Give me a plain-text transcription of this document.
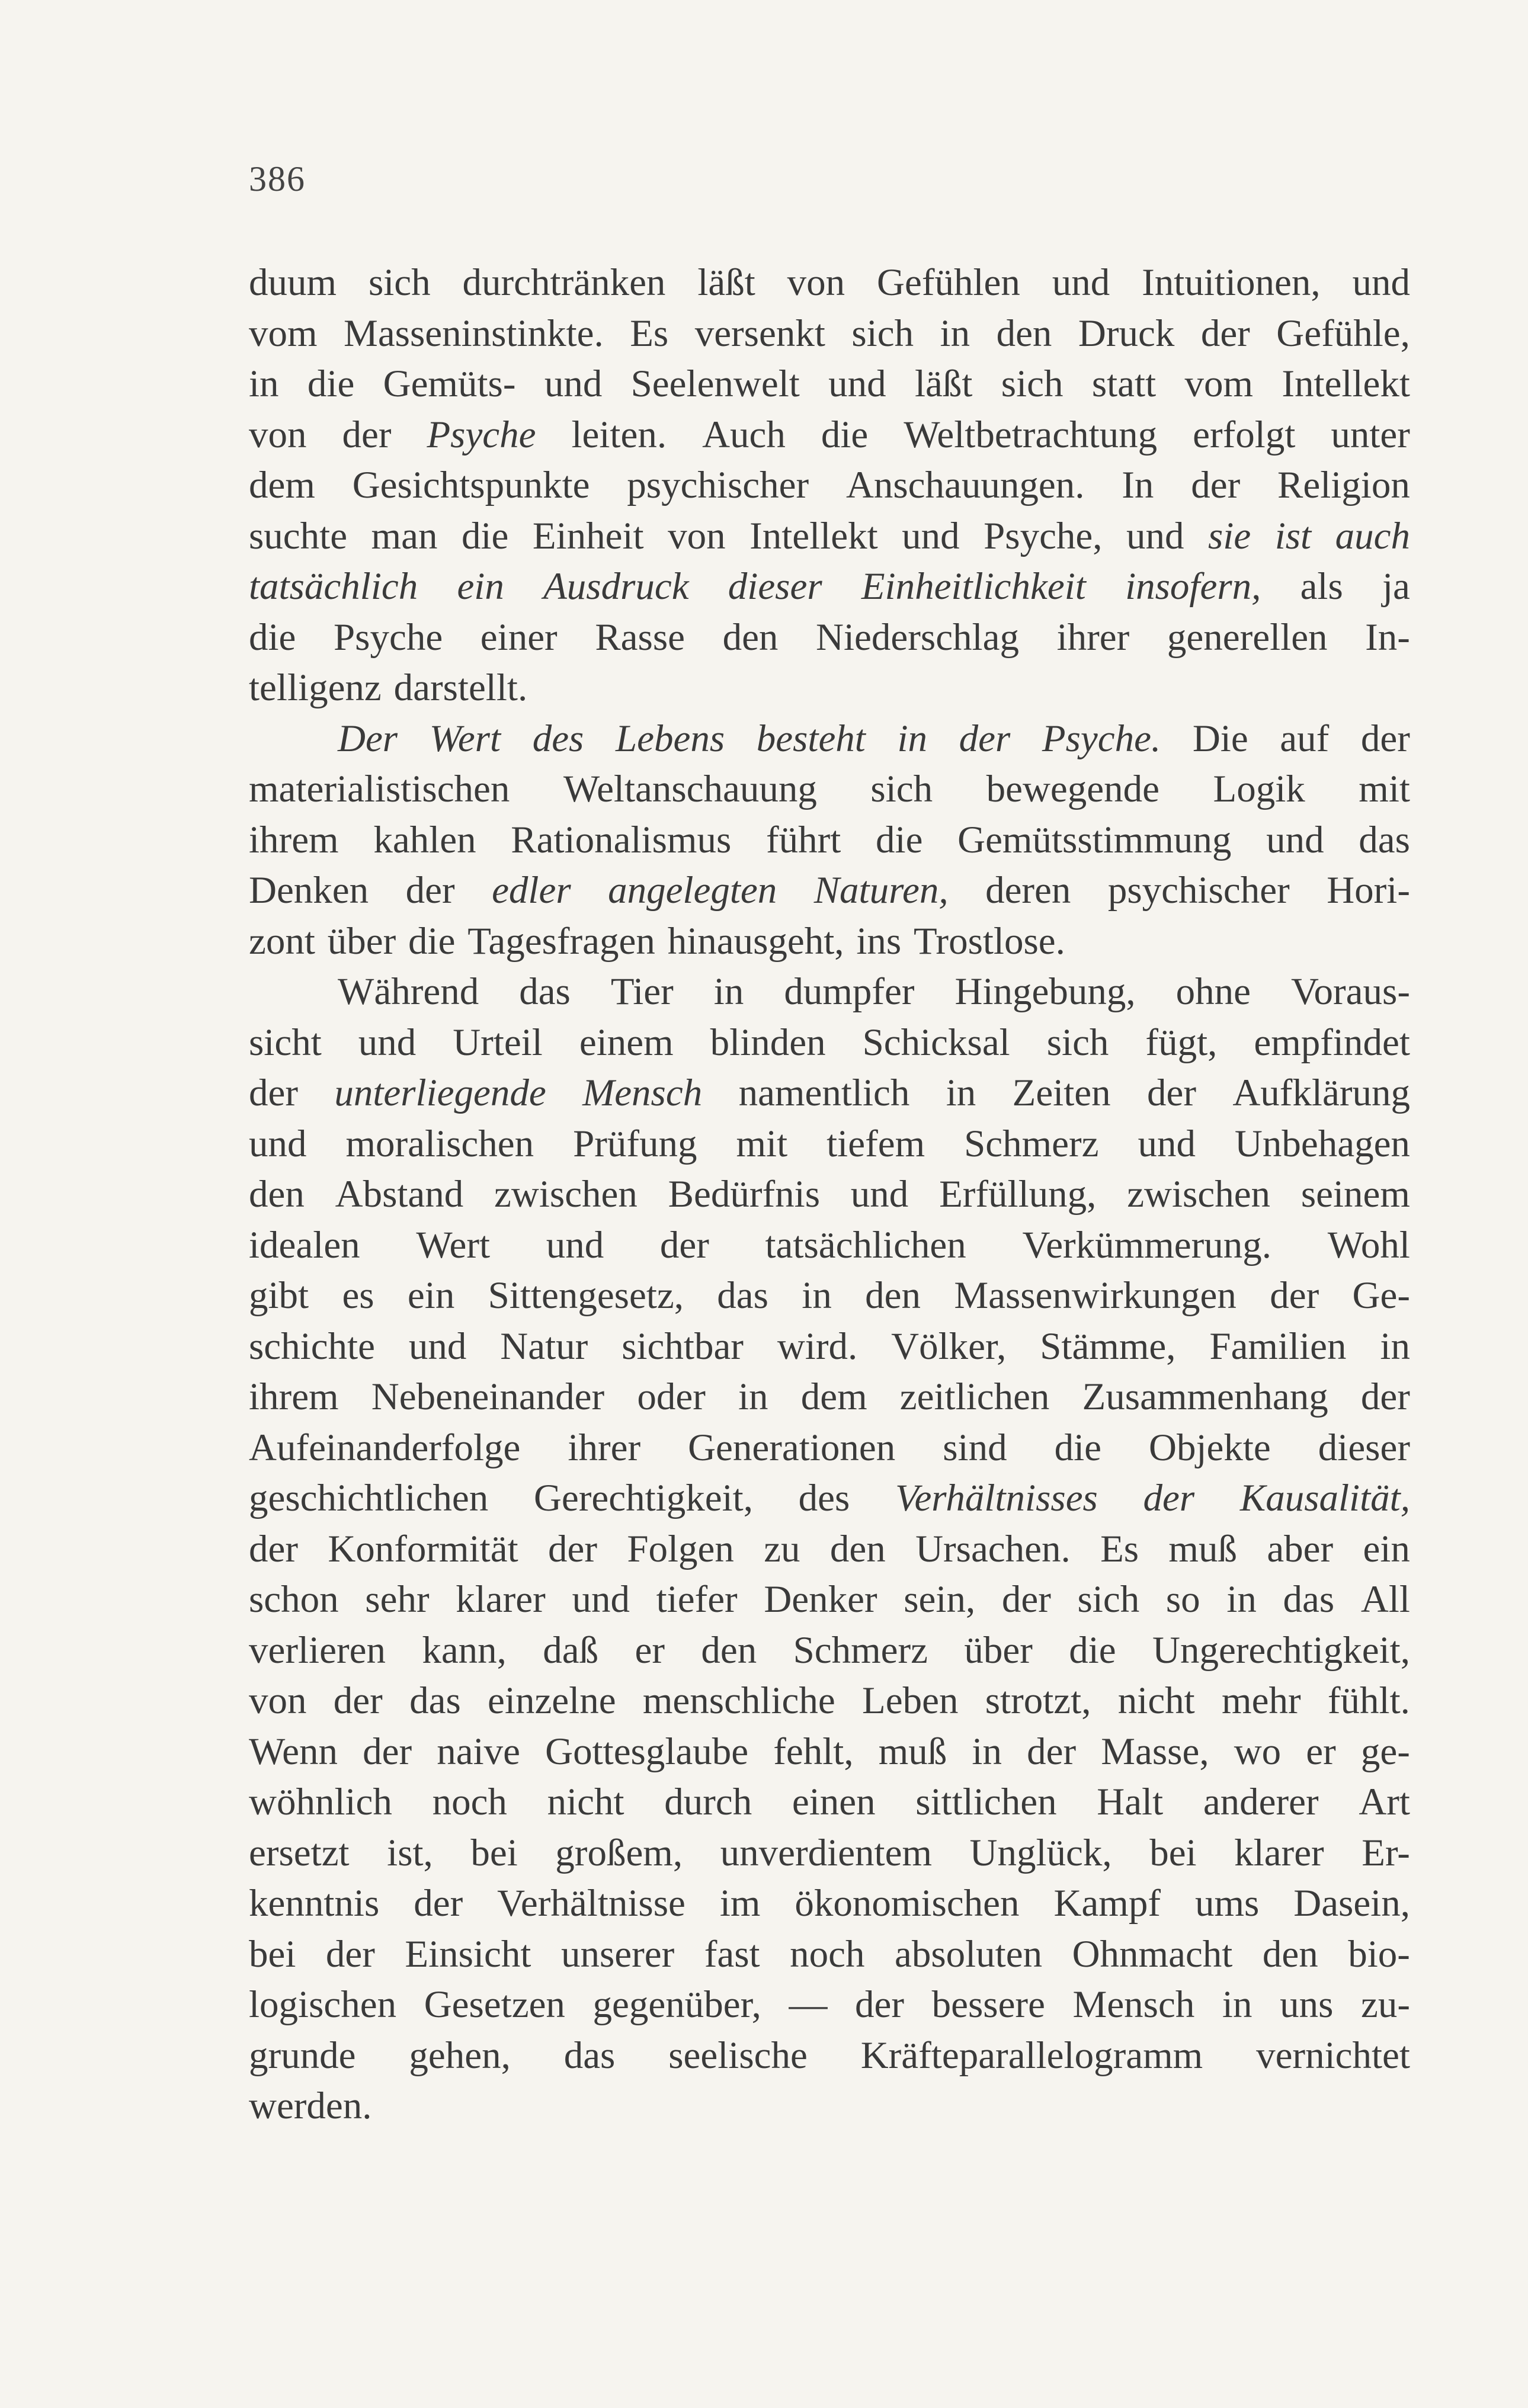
386
duum sich durchtränken läßt von Gefühlen und Intuitionen, und
vom Masseninstinkte. Es versenkt sich in den Druck der Gefühle,
in die Gemüts- und Seelenwelt und läßt sich statt vom Intellekt
von der Psyche leiten. Auch die Weltbetrachtung erfolgt unter
dem Gesichtspunkte psychischer Anschauungen. In der Religion
suchte man die Einheit von Intellekt und Psyche, und sie ist auch
tatsächlich ein Ausdruck dieser Einheitlichkeit insofern, als ja
die Psyche einer Rasse den Niederschlag ihrer generellen In-
telligenz darstellt.
Der Wert des Lebens besteht in der Psyche. Die auf der
materialistischen Weltanschauung sich bewegende Logik mit
ihrem kahlen Rationalismus führt die Gemütsstimmung und das
Denken der edler angelegten Naturen, deren psychischer Hori-
zont über die Tagesfragen hinausgeht, ins Trostlose.
Während das Tier in dumpfer Hingebung, ohne Voraus-
sicht und Urteil einem blinden Schicksal sich fügt, empfindet
der unterliegende Mensch namentlich in Zeiten der Aufklärung
und moralischen Prüfung mit tiefem Schmerz und Unbehagen
den Abstand zwischen Bedürfnis und Erfüllung, zwischen seinem
idealen Wert und der tatsächlichen Verkümmerung. Wohl
gibt es ein Sittengesetz, das in den Massenwirkungen der Ge-
schichte und Natur sichtbar wird. Völker, Stämme, Familien in
ihrem Nebeneinander oder in dem zeitlichen Zusammenhang der
Aufeinanderfolge ihrer Generationen sind die Objekte dieser
geschichtlichen Gerechtigkeit, des Verhältnisses der Kausalität,
der Konformität der Folgen zu den Ursachen. Es muß aber ein
schon sehr klarer und tiefer Denker sein, der sich so in das All
verlieren kann, daß er den Schmerz über die Ungerechtigkeit,
von der das einzelne menschliche Leben strotzt, nicht mehr fühlt.
Wenn der naive Gottesglaube fehlt, muß in der Masse, wo er ge-
wöhnlich noch nicht durch einen sittlichen Halt anderer Art
ersetzt ist, bei großem, unverdientem Unglück, bei klarer Er-
kenntnis der Verhältnisse im ökonomischen Kampf ums Dasein,
bei der Einsicht unserer fast noch absoluten Ohnmacht den bio-
logischen Gesetzen gegenüber, — der bessere Mensch in uns zu-
grunde gehen, das seelische Kräfteparallelogramm vernichtet
werden.
